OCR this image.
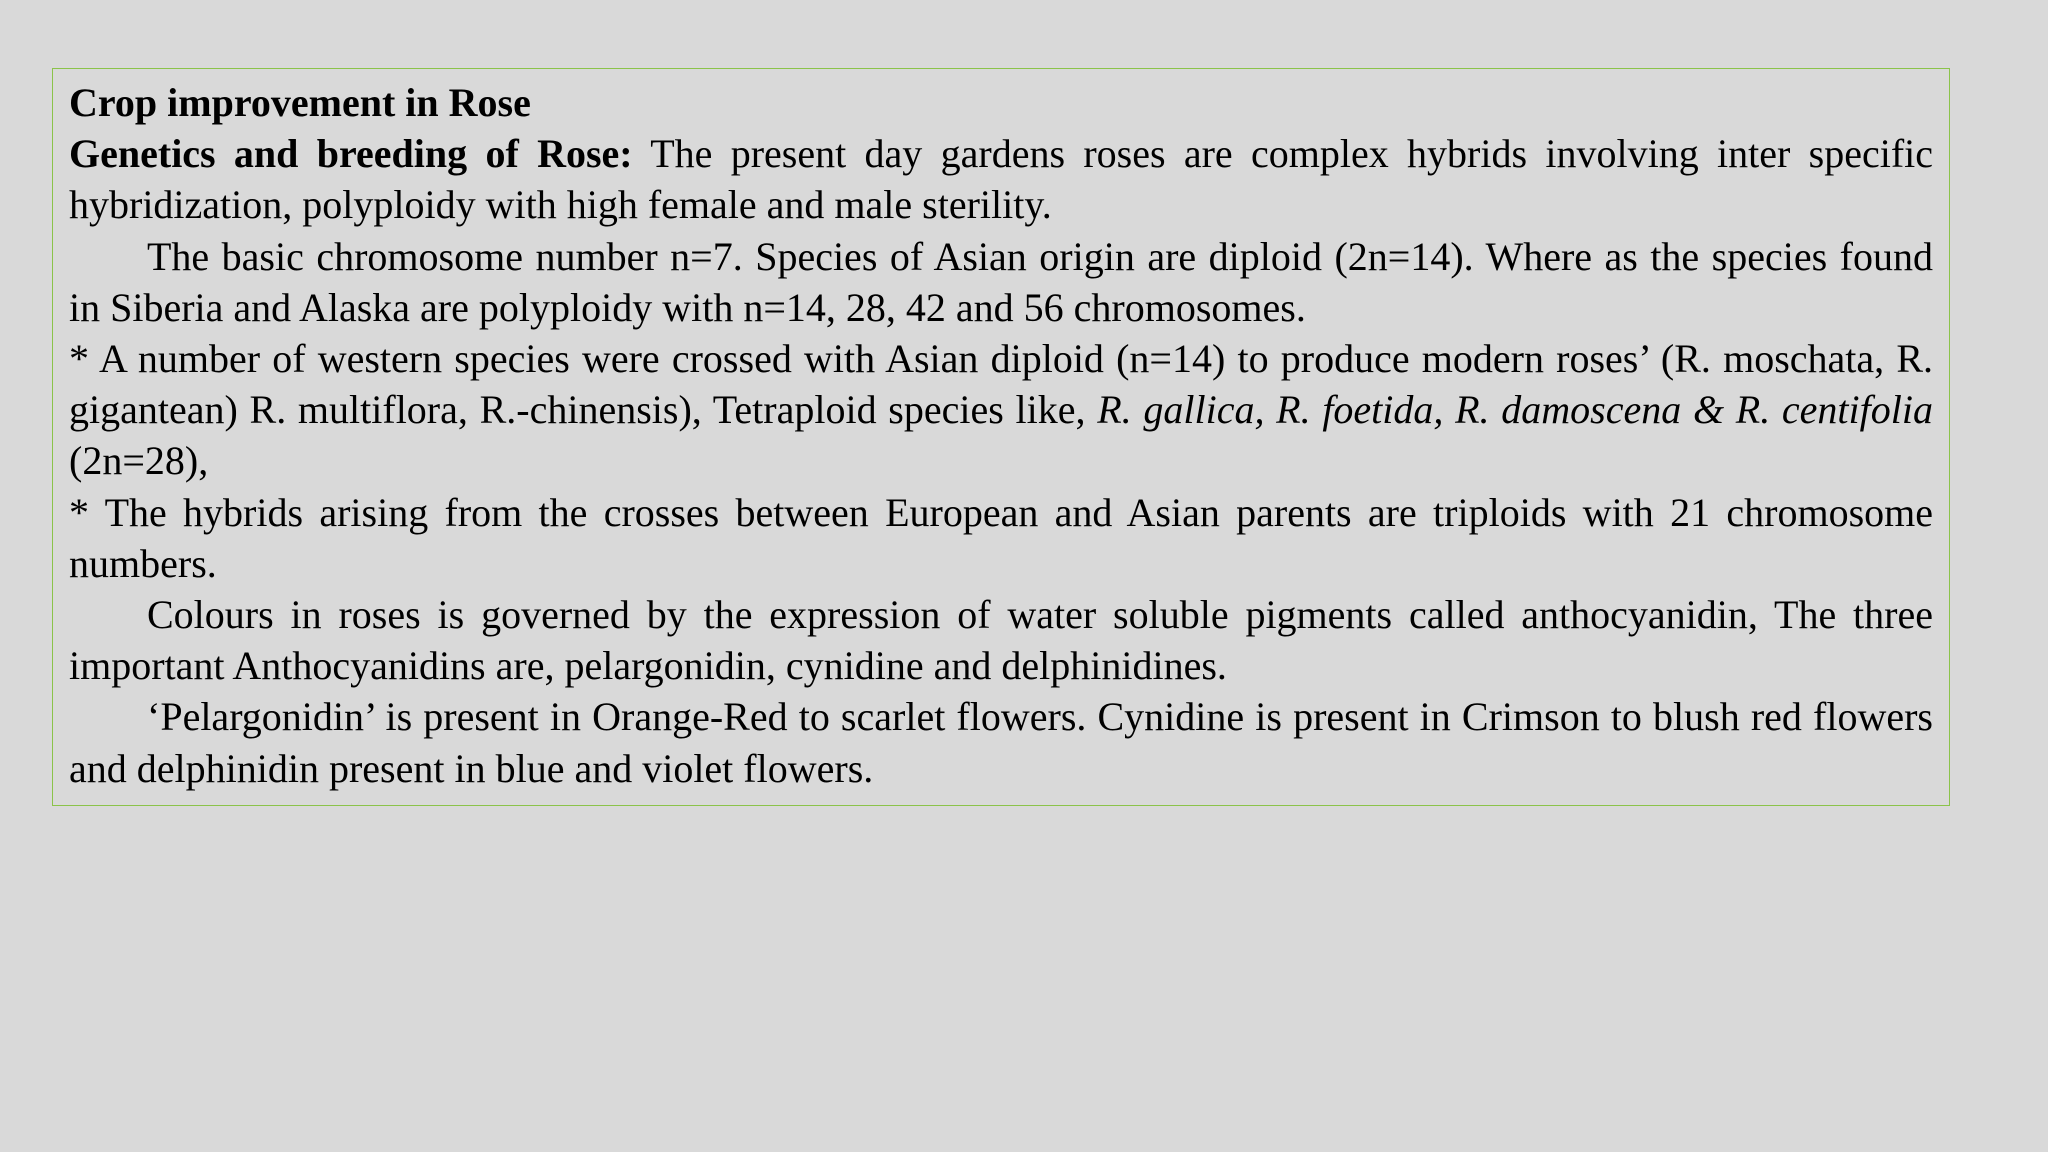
Crop improvement in Rose

Genetics and breeding of Rose: The present day gardens roses are complex hybrids involving inter specific hybridization, polyploidy with high female and male sterility.

The basic chromosome number n=7. Species of Asian origin are diploid (2n=14). Where as the species found in Siberia and Alaska are polyploidy with n=14, 28, 42 and 56 chromosomes.

* A number of western species were crossed with Asian diploid (n=14) to produce modern roses’ (R. moschata, R. gigantean) R. multiflora, R.-chinensis), Tetraploid species like, R. gallica, R. foetida, R. damoscena & R. centifolia (2n=28),

* The hybrids arising from the crosses between European and Asian parents are triploids with 21 chromosome numbers.

Colours in roses is governed by the expression of water soluble pigments called anthocyanidin, The three important Anthocyanidins are, pelargonidin, cynidine and delphinidines.

‘Pelargonidin’ is present in Orange-Red to scarlet flowers. Cynidine is present in Crimson to blush red flowers and delphinidin present in blue and violet flowers.
